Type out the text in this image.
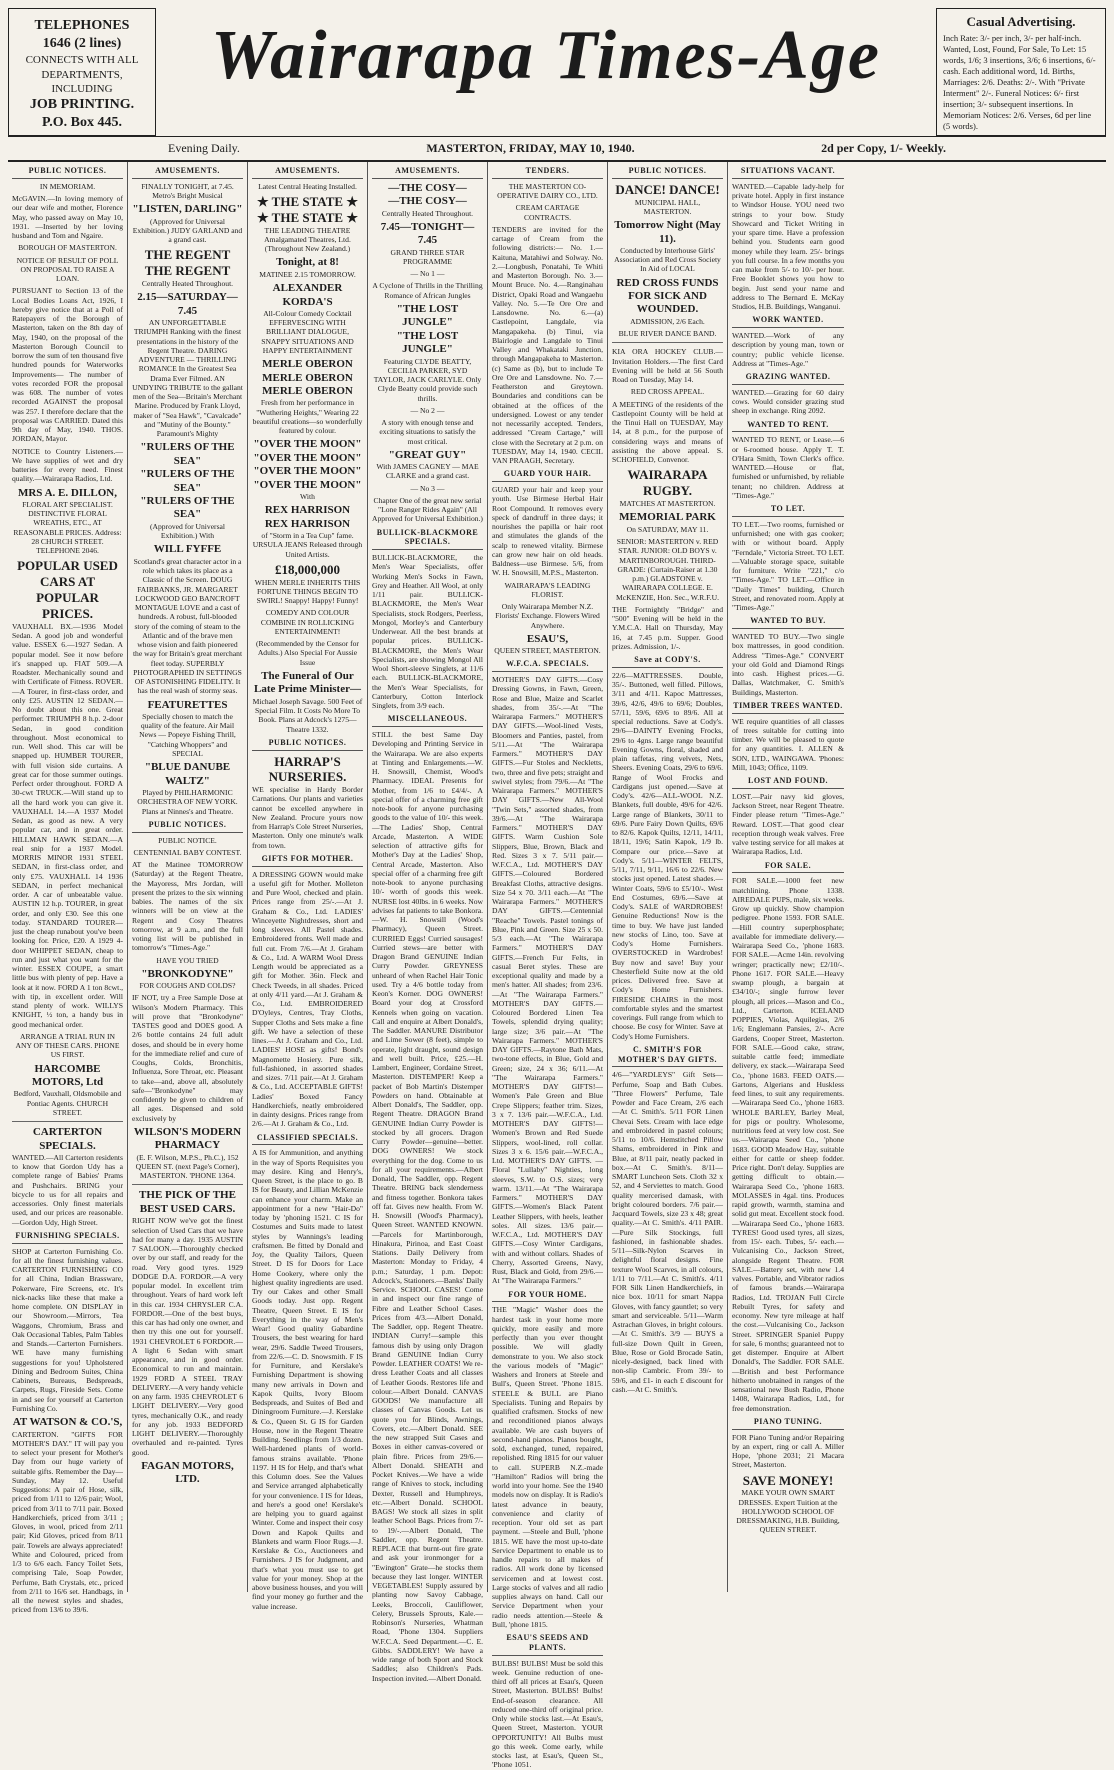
TELEPHONES
1646 (2 lines)
CONNECTS WITH ALL DEPARTMENTS, INCLUDING
JOB PRINTING.
P.O. Box 445.
Wairarapa Times-Age	Casual Advertising.
Inch Rate: 3/- per inch, 3/- per half-inch. Wanted, Lost, Found, For Sale, To Let: 15 words, 1/6; 3 insertions, 3/6; 6 insertions, 6/- cash. Each additional word, 1d. Births, Marriages: 2/6. Deaths: 2/-. With "Private Interment" 2/-. Funeral Notices: 6/- first insertion; 3/- subsequent insertions. In Memoriam Notices: 2/6. Verses, 6d per line (5 words).
Evening Daily.	MASTERTON, FRIDAY, MAY 10, 1940.	2d per Copy, 1/- Weekly.
PUBLIC NOTICES.

IN MEMORIAM.

McGAVIN.—In loving memory of our dear wife and mother, Florence May, who passed away on May 10, 1931. —Inserted by her loving husband and Tom and Ngaire.

BOROUGH OF MASTERTON.

NOTICE OF RESULT OF POLL ON PROPOSAL TO RAISE A LOAN.

PURSUANT to Section 13 of the Local Bodies Loans Act, 1926, I hereby give notice that at a Poll of Ratepayers of the Borough of Masterton, taken on the 8th day of May, 1940, on the proposal of the Masterton Borough Council to borrow the sum of ten thousand five hundred pounds for Waterworks Improvements— The number of votes recorded FOR the proposal was 608. The number of votes recorded AGAINST the proposal was 257. I therefore declare that the proposal was CARRIED. Dated this 9th day of May, 1940. THOS. JORDAN, Mayor.

NOTICE to Country Listeners.—We have supplies of wet and dry batteries for every need. Finest quality.—Wairarapa Radios, Ltd.

MRS A. E. DILLON,

FLORAL ART SPECIALIST. DISTINCTIVE FLORAL WREATHS, ETC., AT REASONABLE PRICES. Address: 28 CHURCH STREET. TELEPHONE 2046.

POPULAR USED CARS AT POPULAR PRICES.

VAUXHALL BX.—1936 Model Sedan. A good job and wonderful value. ESSEX 6.—1927 Sedan. A popular model. See it now before it's snapped up. FIAT 509.—A Roadster. Mechanically sound and with Certificate of Fitness. ROVER.—A Tourer, in first-class order, and only £25. AUSTIN 12 SEDAN.—No doubt about this one. Great performer. TRIUMPH 8 h.p. 2-door Sedan, in good condition throughout. Most economical to run. Well shod. This car will be snapped up. HUMBER TOURER, with full vision side curtains. A great car for those summer outings. Perfect order throughout. FORD A 30-cwt TRUCK.—Will stand up to all the hard work you can give it. VAUXHALL 14.—A 1937 Model Sedan, as good as new. A very popular car, and in great order. HILLMAN HAWK SEDAN.—A real snip for a 1937 Model. MORRIS MINOR 1931 STEEL SEDAN, in first-class order, and only £75. VAUXHALL 14 1936 SEDAN, in perfect mechanical order. A car of unbeatable value. AUSTIN 12 h.p. TOURER, in great order, and only £30. See this one today. STANDARD TOURER—just the cheap runabout you've been looking for. Price, £20. A 1929 4-door WHIPPET SEDAN, cheap to run and just what you want for the winter. ESSEX COUPE, a smart little bus with plenty of pep. Have a look at it now. FORD A 1 ton 8cwt., with tip, in excellent order. Will stand plenty of work. WILLYS KNIGHT, ½ ton, a handy bus in good mechanical order.

ARRANGE A TRIAL RUN IN ANY OF THESE CARS. PHONE US FIRST.

HARCOMBE MOTORS, Ltd

Bedford, Vauxhall, Oldsmobile and Pontiac Agents. CHURCH STREET.

CARTERTON SPECIALS.

WANTED.—All Carterton residents to know that Gordon Udy has a complete range of Babies' Prams and Pushchairs. BRING your bicycle to us for all repairs and accessories. Only finest materials used, and our prices are reasonable.—Gordon Udy, High Street.

FURNISHING SPECIALS.

SHOP at Carterton Furnishing Co. for all the finest furnishing values. CARTERTON FURNISHING CO for all China, Indian Brassware, Pokerware, Fire Screens, etc. It's nick-nacks like these that make a home complete. ON DISPLAY in our Showroom.—Mirrors, Tea Waggons, Chromium, Brass and Oak Occasional Tables, Palm Tables and Stands.—Carterton Furnishers. WE have many furnishing suggestions for you! Upholstered Dining and Bedroom Suites, China Cabinets, Bureaus, Bedspreads, Carpets, Rugs, Fireside Sets. Come in and see for yourself at Carterton Furnishing Co.

AT WATSON & CO.'S,

CARTERTON. "GIFTS FOR MOTHER'S DAY." IT will pay you to select your present for Mother's Day from our huge variety of suitable gifts. Remember the Day—Sunday, May 12. Useful Suggestions: A pair of Hose, silk, priced from 1/11 to 12/6 pair; Wool, priced from 3/11 to 7/11 pair. Boxed Handkerchiefs, priced from 3/11 ; Gloves, in wool, priced from 2/11 pair; Kid Gloves, priced from 8/11 pair. Towels are always appreciated! White and Coloured, priced from 1/3 to 6/6 each. Fancy Toilet Sets, comprising Tale, Soap Powder, Perfume, Bath Crystals, etc., priced from 2/11 to 16/6 set. Handbags, in all the newest styles and shades, priced from 13/6 to 39/6.

AMUSEMENTS.

FINALLY TONIGHT, at 7.45. Metro's Bright Musical

"LISTEN, DARLING"

(Approved for Universal Exhibition.) JUDY GARLAND and a grand cast.

THE REGENT
THE REGENT

Centrally Heated Throughout.

2.15—SATURDAY—7.45

AN UNFORGETTABLE TRIUMPH Ranking with the finest presentations in the history of the Regent Theatre. DARING ADVENTURE — THRILLING ROMANCE In the Greatest Sea Drama Ever Filmed. AN UNDYING TRIBUTE to the gallant men of the Sea—Britain's Merchant Marine. Produced by Frank Lloyd, maker of "Sea Hawk", "Cavalcade" and "Mutiny of the Bounty." Paramount's Mighty

"RULERS OF THE SEA"
"RULERS OF THE SEA"
"RULERS OF THE SEA"

(Approved for Universal Exhibition.) With

WILL FYFFE

Scotland's great character actor in a role which takes its place as a Classic of the Screen. DOUG FAIRBANKS, JR. MARGARET LOCKWOOD GEO BANCROFT MONTAGUE LOVE and a cast of hundreds. A robust, full-blooded story of the coming of steam to the Atlantic and of the brave men whose vision and faith pioneered the way for Britain's great merchant fleet today. SUPERBLY PHOTOGRAPHED IN SETTINGS OF ASTONISHING FIDELITY. It has the real wash of stormy seas.

FEATURETTES

Specially chosen to match the quality of the feature. Air Mail News — Popeye Fishing Thrill, "Catching Whoppers" and SPECIAL

"BLUE DANUBE WALTZ"

Played by PHILHARMONIC ORCHESTRA OF NEW YORK. Plans at Ninnes's and Theatre.

PUBLIC NOTICES.

PUBLIC NOTICE.

CENTENNIAL BABY CONTEST.

AT the Matinee TOMORROW (Saturday) at the Regent Theatre, the Mayoress, Mrs Jordan, will present the prizes to the six winning babies. The names of the six winners will be on view at the Regent and Cosy Theatres tomorrow, at 9 a.m., and the full voting list will be published in tomorrow's "Times-Age."

HAVE YOU TRIED

"BRONKODYNE"

FOR COUGHS AND COLDS?

IF NOT, try a Free Sample Dose at Wilson's Modern Pharmacy. This will prove that "Bronkodyne" TASTES good and DOES good. A 2/6 bottle contains 24 full adult doses, and should be in every home for the immediate relief and cure of Coughs, Colds, Bronchitis, Influenza, Sore Throat, etc. Pleasant to take—and, above all, absolutely safe—"Bronkodyne" may confidently be given to children of all ages. Dispensed and sold exclusively by

WILSON'S MODERN PHARMACY

(E. F. Wilson, M.P.S., Ph.C.), 152 QUEEN ST. (next Page's Corner), MASTERTON. 'PHONE 1364.

THE PICK OF THE BEST USED CARS.

RIGHT NOW we've got the finest selection of Used Cars that we have had for many a day. 1935 AUSTIN 7 SALOON.—Thoroughly checked over by our staff, and ready for the road. Very good tyres. 1929 DODGE D.A. FORDOR.—A very popular model. In excellent trim throughout. Years of hard work left in this car. 1934 CHRYSLER C.A. FORDOR.—One of the best buys, this car has had only one owner, and then try this one out for yourself. 1931 CHEVROLET 6 FORDOR.—A light 6 Sedan with smart appearance, and in good order. Economical to run and maintain. 1929 FORD A STEEL TRAY DELIVERY.—A very handy vehicle on any farm. 1935 CHEVROLET 6 LIGHT DELIVERY.—Very good tyres, mechanically O.K., and ready for any job. 1933 BEDFORD LIGHT DELIVERY.—Thoroughly overhauled and re-painted. Tyres good.

FAGAN MOTORS, LTD.
AMUSEMENTS.

Latest Central Heating Installed.

★ THE STATE ★
★ THE STATE ★

THE LEADING THEATRE Amalgamated Theatres, Ltd. (Throughout New Zealand.)

Tonight, at 8!

MATINEE 2.15 TOMORROW.

ALEXANDER KORDA'S

All-Colour Comedy Cocktail EFFERVESCING WITH BRILLIANT DIALOGUE, SNAPPY SITUATIONS AND HAPPY ENTERTAINMENT

MERLE OBERON
MERLE OBERON
MERLE OBERON

Fresh from her performance in "Wuthering Heights," Wearing 22 beautiful creations—so wonderfully featured by colour.

"OVER THE MOON"
"OVER THE MOON"
"OVER THE MOON"
"OVER THE MOON"

With

REX HARRISON
REX HARRISON

of "Storm in a Tea Cup" fame. URSULA JEANS Released through United Artists.

£18,000,000

WHEN MERLE INHERITS THIS FORTUNE THINGS BEGIN TO SWIRL! Snappy! Happy! Funny!

COMEDY AND COLOUR COMBINE IN ROLLICKING ENTERTAINMENT!

(Recommended by the Censor for Adults.) Also Special For Aussie Issue

The Funeral of Our Late Prime Minister—

Michael Joseph Savage. 500 Feet of Special Film. It Costs No More To Book. Plans at Adcock's 1275—Theatre 1332.

PUBLIC NOTICES.
HARRAP'S NURSERIES.

WE specialise in Hardy Border Carnations. Our plants and varieties cannot be excelled anywhere in New Zealand. Procure yours now from Harrap's Cole Street Nurseries, Masterton. Only one minute's walk from town.

GIFTS FOR MOTHER.

A DRESSING GOWN would make a useful gift for Mother. Molleton and Pure Wool, checked and plain. Prices range from 25/-.—At J. Graham & Co., Ltd. LADIES' Winceyette Nightdresses, short and long sleeves. All Pastel shades. Embroidered fronts. Well made and full cut. From 7/6.—At J. Graham & Co., Ltd. A WARM Wool Dress Length would be appreciated as a gift for Mother. 36in. Fleck and Check Tweeds, in all shades. Priced at only 4/11 yard.—At J. Graham & Co., Ltd. EMBROIDERED D'Oyleys, Centres, Tray Cloths, Supper Cloths and Sets make a fine gift. We have a selection of these lines.—At J. Graham and Co., Ltd. LADIES' HOSE as gifts! Bond's Magnomette Hosiery. Pure silk, full-fashioned, in assorted shades and sizes. 7/11 pair.—At J. Graham & Co., Ltd. ACCEPTABLE GIFTS! Ladies' Boxed Fancy Handkerchiefs, neatly embroidered in dainty designs. Prices range from 2/6.—At J. Graham & Co., Ltd.

CLASSIFIED SPECIALS.

A IS for Ammunition, and anything in the way of Sports Requisites you may desire. King and Henry's, Queen Street, is the place to go. B IS for Beauty, and Lillian McKenzie can enhance your charm. Make an appointment for a new "Hair-Do" today by 'phoning 1521. C IS for Costumes and Suits made to latest styles by Wannings's leading craftsmen. Be fitted by Donald and Joy, the Quality Tailors, Queen Street. D IS for Doors for Lace Home Cookery, where only the highest quality ingredients are used. Try our Cakes and other Small Goods today. Just opp. Regent Theatre, Queen Street. E IS for Everything in the way of Men's Wear! Good quality Gabardine Trousers, the best wearing for hard wear, 29/6. Saddle Tweed Trousers, from 22/6.—C. D. Snowsmith. F IS for Furniture, and Kerslake's Furnishing Department is showing many new arrivals in Down and Kapok Quilts, Ivory Bloom Bedspreads, and Suites of Bed and Diningroom Furniture.—J. Kerslake & Co., Queen St. G IS for Garden House, now in the Regent Theatre Building. Seedlings from 1/3 dozen. Well-hardened plants of world-famous strains available. 'Phone 1197. H IS for Help, and that's what this Column does. See the Values and Service arranged alphabetically for your convenience. I IS for Ideas, and here's a good one! Kerslake's are helping you to guard against Winter. Come and inspect their cosy Down and Kapok Quilts and Blankets and warm Floor Rugs.—J. Kerslake & Co., Auctioneers and Furnishers. J IS for Judgment, and that's what you must use to get value for your money. Shop at the above business houses, and you will find your money go further and the value increase.

AMUSEMENTS.
—THE COSY—
—THE COSY—

Centrally Heated Throughout.

7.45—TONIGHT—7.45

GRAND THREE STAR PROGRAMME

— No 1 —

A Cyclone of Thrills in the Thrilling Romance of African Jungles

"THE LOST JUNGLE"
"THE LOST JUNGLE"

Featuring CLYDE BEATTY, CECILIA PARKER, SYD TAYLOR, JACK CARLYLE. Only Clyde Beatty could provide such thrills.

— No 2 —

A story with enough tense and exciting situations to satisfy the most critical.

"GREAT GUY"

With JAMES CAGNEY — MAE CLARKE and a grand cast.

— No 3 —

Chapter One of the great new serial "Lone Ranger Rides Again" (All Approved for Universal Exhibition.)

BULLICK-BLACKMORE SPECIALS.

BULLICK-BLACKMORE, the Men's Wear Specialists, offer Working Men's Socks in Fawn, Grey and Heather. All Wool, at only 1/11 pair. BULLICK-BLACKMORE, the Men's Wear Specialists, stock Rodgers, Peerless, Mongol, Morley's and Canterbury Underwear. All the best brands at popular prices. BULLICK-BLACKMORE, the Men's Wear Specialists, are showing Mongol All Wool Short-sleeve Singlets, at 11/6 each. BULLICK-BLACKMORE, the Men's Wear Specialists, for Canterbury, Cotton Interlock Singlets, from 3/9 each.

MISCELLANEOUS.

STILL the best Same Day Developing and Printing Service in the Wairarapa. We are also experts at Tinting and Enlargements.—W. H. Snowsill, Chemist, Wood's Pharmacy. IDEAL Presents for Mother, from 1/6 to £4/4/-. A special offer of a charming free gift note-book for anyone purchasing goods to the value of 10/- this week.—The Ladies' Shop, Central Arcade, Masterton. A WIDE selection of attractive gifts for Mother's Day at the Ladies' Shop, Central Arcade, Masterton. Also special offer of a charming free gift note-book to anyone purchasing 10/- worth of goods this week. NURSE lost 40lbs. in 6 weeks. Now advises fat patients to take Bonkora.—W. H. Snowsill (Wood's Pharmacy), Queen Street. CURRIED Eggs! Curried sausages! Curried stews—are better with Dragon Brand GENUINE Indian Curry Powder. GREYNESS unheard of when Rachel Hair Tonic used. Try a 4/6 bottle today from Keon's Korner. DOG OWNERS! Board your dog at Crossford Kennels when going on vacation. Call and enquire at Albert Donald's, The Saddler. MANURE Distributor and Lime Sower (8 feet), simple to operate, light draught, sound design and well built. Price, £25.—H. Lambert, Engineer, Cordaine Street, Masterton. DISTEMPER! Keep a packet of Bob Martin's Distemper Powders on hand. Obtainable at Albert Donald's, The Saddler, opp. Regent Theatre. DRAGON Brand GENUINE Indian Curry Powder is stocked by all grocers. Dragon Curry Powder—genuine—better. DOG OWNERS! We stock everything for the dog. Come to us for all your requirements.—Albert Donald, The Saddler, opp. Regent Theatre. BRING back slenderness and fitness together. Bonkora takes off fat. Gives new health. From W. H. Snowsill (Wood's Pharmacy), Queen Street. WANTED KNOWN.—Parcels for Martinborough, Hinakura, Pirinoa, and East Coast Stations. Daily Delivery from Masterton: Monday to Friday, 4 p.m.; Saturday, 1 p.m. Depot: Adcock's, Stationers.—Banks' Daily Service. SCHOOL CASES! Come in and inspect our fine range of Fibre and Leather School Cases. Prices from 4/3.—Albert Donald, The Saddler, opp. Regent Theatre. INDIAN Curry!—sample this famous dish by using only Dragon Brand GENUINE Indian Curry Powder. LEATHER COATS! We re-dress Leather Coats and all classes of Leather Goods. Restores life and colour.—Albert Donald. CANVAS GOODS! We manufacture all classes of Canvas Goods. Let us quote you for Blinds, Awnings, Covers, etc.—Albert Donald. SEE the new strapped Suit Cases and Boxes in either canvas-covered or plain fibre. Prices from 29/6.—Albert Donald. SHEATH and Pocket Knives.—We have a wide range of Knives to stock, including Dexter, Russell and Humphreys, etc.—Albert Donald. SCHOOL BAGS! We stock all sizes in split leather School Bags. Prices from 7/- to 19/-.—Albert Donald, The Saddler, opp. Regent Theatre. REPLACE that burnt-out fire grate and ask your ironmonger for a "Ewington" Grate—he stocks them because they last longer. WINTER VEGETABLES! Supply assured by planting now Savoy Cabbage, Leeks, Broccoli, Cauliflower, Celery, Brussels Sprouts, Kale.—Robinson's Nurseries, Whatman Road, 'Phone 1304. Suppliers W.F.C.A. Seed Department.—C. E. Gibbs. SADDLERY! We have a wide range of both Sport and Stock Saddles; also Children's Pads. Inspection invited.—Albert Donald.

TENDERS.

THE MASTERTON CO-OPERATIVE DAIRY CO., LTD.

CREAM CARTAGE CONTRACTS.

TENDERS are invited for the cartage of Cream from the following districts:— No. 1.—Kaituna, Matahiwi and Solway. No. 2.—Longbush, Ponatahi, Te Whiti and Masterton Borough. No. 3.—Mount Bruce. No. 4.—Ranginahau District, Opaki Road and Wangaehu Valley. No. 5.—Te Ore Ore and Lansdowne. No. 6.—(a) Castlepoint, Langdale, via Mangapakeha. (b) Tinui, via Blairlogie and Langdale to Tinui Valley and Whakataki Junction, through Mangapakeha to Masterton. (c) Same as (b), but to include Te Ore Ore and Lansdowne. No. 7.—Featherston and Greytown. Boundaries and conditions can be obtained at the offices of the undersigned. Lowest or any tender not necessarily accepted. Tenders, addressed "Cream Cartage," will close with the Secretary at 2 p.m. on TUESDAY, May 14, 1940. CECIL VAN PRAAGH, Secretary.

GUARD YOUR HAIR.

GUARD your hair and keep your youth. Use Birmese Herbal Hair Root Compound. It removes every speck of dandruff in three days; it nourishes the papilla or hair root and stimulates the glands of the scalp to renewed vitality. Birmese can grow new hair on old heads. Baldness—use Birmese. 5/6, from W. H. Snowsill, M.P.S., Masterton.

WAIRARAPA'S LEADING FLORIST.

Only Wairarapa Member N.Z. Florists' Exchange. Flowers Wired Anywhere.

ESAU'S,

QUEEN STREET, MASTERTON.

W.F.C.A. SPECIALS.

MOTHER'S DAY GIFTS.—Cosy Dressing Gowns, in Fawn, Green, Rose and Blue, Maize and Scarlet shades, from 35/-.—At "The Wairarapa Farmers." MOTHER'S DAY GIFTS.—Wool-lined Vests, Bloomers and Panties, pastel, from 5/11.—At "The Wairarapa Farmers." MOTHER'S DAY GIFTS.—Fur Stoles and Neckletts, two, three and five pets; straight and swivel styles; from 79/6.—At "The Wairarapa Farmers." MOTHER'S DAY GIFTS.—New All-Wool "Twin Sets," assorted shades, from 39/6.—At "The Wairarapa Farmers." MOTHER'S DAY GIFTS. Warm Cushion Sole Slippers, Blue, Brown, Black and Red. Sizes 3 x 7. 5/11 pair.—W.F.C.A., Ltd. MOTHER'S DAY GIFTS.—Coloured Bordered Breakfast Cloths, attractive designs. Size 54 x 70. 3/11 each.—At "The Wairarapa Farmers." MOTHER'S DAY GIFTS.—Centennial "Reache" Towels. Pastel tonings of Blue, Pink and Green. Size 25 x 50. 5/3 each.—At "The Wairarapa Farmers." MOTHER'S DAY GIFTS.—French Fur Felts, in casual Beret styles. These are exceptional quality and made by a men's hatter. All shades; from 23/6.—At "The Wairarapa Farmers." MOTHER'S DAY GIFTS.—Coloured Bordered Linen Tea Towels, splendid drying quality; large size; 3/6 pair.—At "The Wairarapa Farmers." MOTHER'S DAY GIFTS.—Raytone Bath Mats, two-tone effects, in Blue, Gold and Green; size, 24 x 36; 6/11.—At "The Wairarapa Farmers." MOTHER'S DAY GIFTS!—Women's Pale Green and Blue Crepe Slippers; feather trim. Sizes, 3 x 7. 13/6 pair.—W.F.C.A., Ltd. MOTHER'S DAY GIFTS!—Women's Brown and Red Suede Slippers, wool-lined, roll collar. Sizes 3 x 6. 15/6 pair.—W.F.C.A., Ltd. MOTHER'S DAY GIFTS. — Floral "Lullaby" Nighties, long sleeves, S.W. to O.S. sizes; very warm. 13/11.—At "The Wairarapa Farmers." MOTHER'S DAY GIFTS.—Women's Black Patent Leather Slippers, with heels, leather soles. All sizes. 13/6 pair.—W.F.C.A., Ltd. MOTHER'S DAY GIFTS.—Cosy Winter Cardigans, with and without collars. Shades of Cherry, Assorted Greens, Navy, Rust, Black and Gold, from 29/6.—At "The Wairarapa Farmers."

FOR YOUR HOME.

THE "Magic" Washer does the hardest task in your home more quickly, more easily and more perfectly than you ever thought possible. We will gladly demonstrate to you. We also stock the various models of "Magic" Washers and Ironers at Steele and Bull's, Queen Street. 'Phone 1815. STEELE & BULL are Piano Specialists. Tuning and Repairs by qualified craftsmen. Stocks of new and reconditioned pianos always available. We are cash buyers of second-hand pianos. Pianos bought, sold, exchanged, tuned, repaired, repolished. Ring 1815 for our valuer to call. SUPERB N.Z.-made "Hamilton" Radios will bring the world into your home. See the 1940 models now on display. It is Radio's latest advance in beauty, convenience and clarity of reception. Your old set as part payment. —Steele and Bull, 'phone 1815. WE have the most up-to-date Service Department to enable us to handle repairs to all makes of radios. All work done by licensed servicemen and at lowest cost. Large stocks of valves and all radio supplies always on hand. Call our Service Department when your radio needs attention.—Steele & Bull, 'phone 1815.

ESAU'S SEEDS AND PLANTS.

BULBS! BULBS! Must be sold this week. Genuine reduction of one-third off all prices at Esau's, Queen Street, Masterton. BULBS! Bulbs! End-of-season clearance. All reduced one-third off original price. Only while stocks last.—At Esau's, Queen Street, Masterton. YOUR OPPORTUNITY! All Bulbs must go this week. Come early, while stocks last, at Esau's, Queen St., 'Phone 1051.

PUBLIC NOTICES.
DANCE! DANCE!

MUNICIPAL HALL, MASTERTON.

Tomorrow Night (May 11).

Conducted by Interhouse Girls' Association and Red Cross Society In Aid of LOCAL

RED CROSS FUNDS FOR SICK AND WOUNDED.

ADMISSION, 2/6 Each.

BLUE RIVER DANCE BAND.

KIA ORA HOCKEY CLUB.—Invitation Holders.—The first Card Evening will be held at 56 South Road on Tuesday, May 14.

RED CROSS APPEAL.

A MEETING of the residents of the Castlepoint County will be held at the Tinui Hall on TUESDAY, May 14, at 8 p.m., for the purpose of considering ways and means of assisting the above appeal. S. SCHOFIELD, Convenor.

WAIRARAPA RUGBY.

MATCHES AT MASTERTON.

MEMORIAL PARK

On SATURDAY, MAY 11.

SENIOR: MASTERTON v. RED STAR. JUNIOR: OLD BOYS v. MARTINBOROUGH. THIRD-GRADE: (Curtain-Raiser at 1.30 p.m.) GLADSTONE v. WAIRARAPA COLLEGE. E. McKENZIE, Hon. Sec., W.R.F.U.

THE Fortnightly "Bridge" and "500" Evening will be held in the Y.M.C.A. Hall on Thursday, May 16, at 7.45 p.m. Supper. Good prizes. Admission, 1/-.

Save at CODY'S.

22/6—MATTRESSES. Double, 35/-. Buttoned, well filled. Pillows, 3/11 and 4/11. Kapoc Mattresses, 39/6, 42/6, 49/6 to 69/6; Doubles, 57/11, 59/6, 69/6 to 89/6. All at special reductions. Save at Cody's. 29/6—DAINTY Evening Frocks, 29/6 to 4gns. Large range beautiful Evening Gowns, floral, shaded and plain taffetas, ring velvets, Nets, Sheers. Evening Coats, 29/6 to 69/6. Range of Wool Frocks and Cardigans just opened.—Save at Cody's. 42/6—ALL-WOOL N.Z. Blankets, full double, 49/6 for 42/6. Large range of Blankets, 30/11 to 69/6. Pure Fairy Down Quilts, 69/6 to 82/6. Kapok Quilts, 12/11, 14/11, 18/11, 19/6; Satin Kapok, 1/9 lb. Compare our price.—Save at Cody's. 5/11—WINTER FELTS, 5/11, 7/11, 9/11, 16/6 to 22/6. New stocks just opened. Latest shades.—Winter Coats, 59/6 to £5/10/-. West End Costumes, 69/6.—Save at Cody's. SALE of WARDROBES! Genuine Reductions! Now is the time to buy. We have just landed new stocks of Lino, too. Save at Cody's Home Furnishers. OVERSTOCKED in Wardrobes! Buy now and save! Buy your Chesterfield Suite now at the old prices. Delivered free. Save at Cody's Home Furnishers. FIRESIDE CHAIRS in the most comfortable styles and the smartest coverings. Full range from which to choose. Be cosy for Winter. Save at Cody's Home Furnishers.

C. SMITH'S FOR MOTHER'S DAY GIFTS.

4/6—"YARDLEYS" Gift Sets—Perfume, Soap and Bath Cubes. "Three Flowers" Perfume, Tale Powder and Face Cream, 2/6 each—At C. Smith's. 5/11 FOR Linen Chevai Sets. Cream with lace edge and embroidered in pastel colours; 5/11 to 10/6. Hemstitched Pillow Shams, embroidered in Pink and Blue, at 8/11 pair, neatly packed in box.—At C. Smith's. 8/11—SMART Luncheon Sets. Cloth 32 x 52, and 4 Serviettes to match. Good quality mercerised damask, with bright coloured borders. 7/6 pair.—Jacquard Towels, size 23 x 48; great quality.—At C. Smith's. 4/11 PAIR.—Pure Silk Stockings, full fashioned, in fashionable shades. 5/11—Silk-Nylon Scarves in delightful floral designs. Fine texture Wool Scarves, in all colours, 1/11 to 7/11.—At C. Smith's. 4/11 FOR Silk Linen Handkerchiefs, in nice box. 10/11 for smart Nappa Gloves, with fancy gauntlet; so very smart and serviceable. 5/11—Warm Astrachan Gloves, in bright colours.—At C. Smith's. 3/9 — BUYS a full-size Down Quilt in Green, Blue, Rose or Gold Brocade Satin, nicely-designed, back lined with non-slip Cambric. From 39/- to 59/6, and £1- in each £ discount for cash.—At C. Smith's.

SITUATIONS VACANT.

WANTED.—Capable lady-help for private hotel. Apply in first instance to Windsor House. YOU need two strings to your bow. Study Showcard and Ticket Writing in your spare time. Have a profession behind you. Students earn good money while they learn. 25/- brings you full course. In a few months you can make from 5/- to 10/- per hour. Free Booklet shows you how to begin. Just send your name and address to The Bernard E. McKay Studios, H.B. Buildings, Wanganui.

WORK WANTED.

WANTED.—Work of any description by young man, town or country; public vehicle license. Address at "Times-Age."

GRAZING WANTED.

WANTED.—Grazing for 60 dairy cows. Would consider grazing stud sheep in exchange. Ring 2092.

WANTED TO RENT.

WANTED TO RENT, or Lease.—6 or 6-roomed house. Apply T. T. O'Hara Smith, Town Clerk's office. WANTED.—House or flat, furnished or unfurnished, by reliable tenant; no children. Address at "Times-Age."

TO LET.

TO LET.—Two rooms, furnished or unfurnished; one with gas cooker; with or without board. Apply "Ferndale," Victoria Street. TO LET.—Valuable storage space, suitable for furniture. Write "221," c/o "Times-Age." TO LET.—Office in "Daily Times" building, Church Street, and renovated room. Apply at "Times-Age."

WANTED TO BUY.

WANTED TO BUY.—Two single box mattresses, in good condition. Address "Times-Age." CONVERT your old Gold and Diamond Rings into cash. Highest prices.—G. Dallas, Watchmaker, C. Smith's Buildings, Masterton.

TIMBER TREES WANTED.

WE require quantities of all classes of trees suitable for cutting into timber. We will be pleased to quote for any quantities. I. ALLEN & SON, LTD., WAINGAWA. 'Phones: Mill, 1043; Office, 1109.

LOST AND FOUND.

LOST.—Pair navy kid gloves, Jackson Street, near Regent Theatre. Finder please return "Times-Age." Reward. LOST.—That good clear reception through weak valves. Free valve testing service for all makes at Wairarapa Radios, Ltd.

FOR SALE.

FOR SALE.—1000 feet new matchlining. Phone 1338. AIREDALE PUPS, male, six weeks. Grow up quickly. Show champion pedigree. Phone 1593. FOR SALE.—Hill country superphosphate; available for immediate delivery.—Wairarapa Seed Co., 'phone 1683. FOR SALE.—Acme 14in. revolving wringer; practically new; £2/10/-. Phone 1617. FOR SALE.—Heavy swamp plough, a bargain at £34/10/-; single furrow lever plough, all prices.—Mason and Co., Ltd., Carterton. ICELAND POPPIES, Violas, Aquilegias, 2/6 1/6; Englemann Pansies, 2/-. Acre Gardens, Cooper Street, Masterton. FOR SALE.—Good cake, straw, suitable cattle feed; immediate delivery, ex stack.—Wairarapa Seed Co., 'phone 1683. FEED OATS.—Gartons, Algerians and Huskless feed lines, to suit any requirements.—Wairarapa Seed Co., 'phone 1683. WHOLE BARLEY, Barley Meal, for pigs or poultry. Wholesome, nutritious feed at very low cost. See us.—Wairarapa Seed Co., 'phone 1683. GOOD Meadow Hay, suitable either for cattle or sheep fodder. Price right. Don't delay. Supplies are getting difficult to obtain.—Wairarapa Seed Co., 'phone 1683. MOLASSES in 4gal. tins. Produces rapid growth, warmth, stamina and solid gut meat. Excellent stock food.—Wairarapa Seed Co., 'phone 1683. TYRES! Good used tyres, all sizes, from 15/- each. Tubes, 5/- each.—Vulcanising Co., Jackson Street, alongside Regent Theatre. FOR SALE.—Battery set, with new 1.4 valves. Portable, and Vibrator radios of famous brands.—Wairarapa Radios, Ltd. TROJAN Full Circle Rebuilt Tyres, for safety and economy. New tyre mileage at half the cost.—Vulcanising Co., Jackson Street. SPRINGER Spaniel Puppy for sale, 6 months; guaranteed not to get distemper. Enquire at Albert Donald's, The Saddler. FOR SALE.—British and best Performance hitherto unobtained in ranges of the sensational new Bush Radio, Phone 1408, Wairarapa Radios, Ltd., for free demonstration.

PIANO TUNING.

FOR Piano Tuning and/or Repairing by an expert, ring or call A. Miller Hope, 'phone 2031; 21 Macara Street, Masterton.

SAVE MONEY!

MAKE YOUR OWN SMART DRESSES. Expert Tuition at the HOLLYWOOD SCHOOL OF DRESSMAKING, H.B. Building, QUEEN STREET.
